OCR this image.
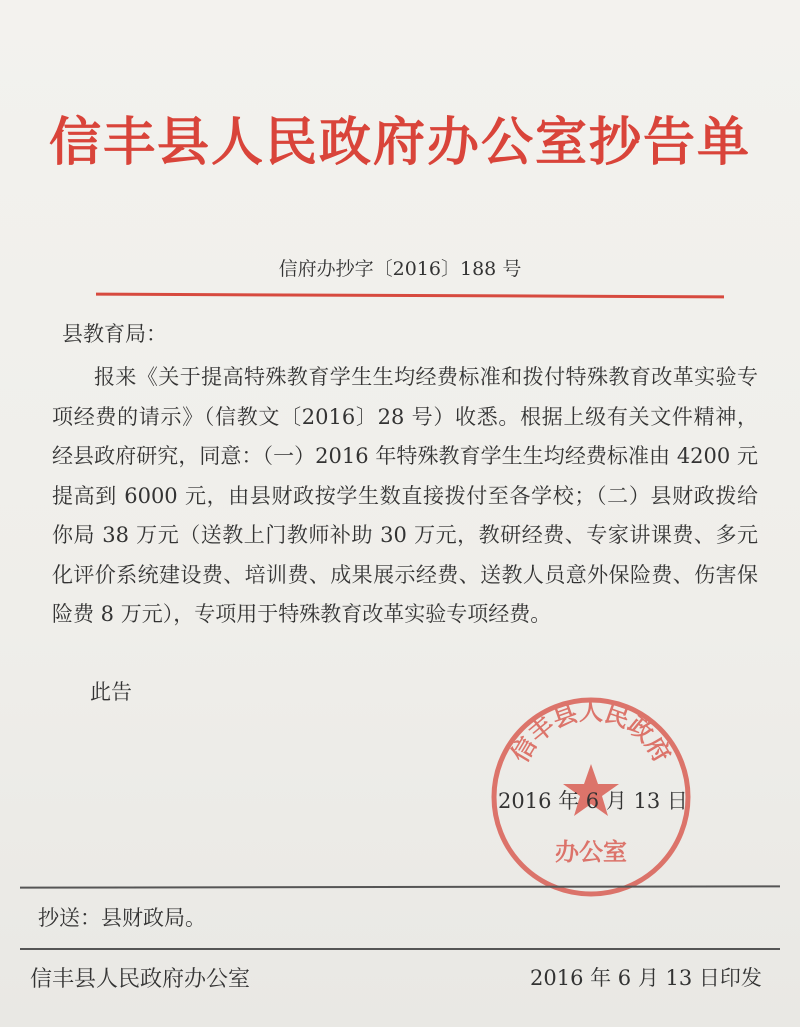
信丰县人民政府办公室抄告单
信府办抄字〔2016〕188 号
县教育局：
报来《关于提高特殊教育学生生均经费标准和拨付特殊教育改革实验专项经费的请示》（信教文〔2016〕28 号）收悉。根据上级有关文件精神，经县政府研究，同意：（一）2016 年特殊教育学生生均经费标准由 4200 元提高到 6000 元，由县财政按学生数直接拨付至各学校；（二）县财政拨给你局 38 万元（送教上门教师补助 30 万元，教研经费、专家讲课费、多元化评价系统建设费、培训费、成果展示经费、送教人员意外保险费、伤害保险费 8 万元），专项用于特殊教育改革实验专项经费。
此告
信丰县人民政府
办公室
2016 年 6 月 13 日
抄送：县财政局。
信丰县人民政府办公室	2016 年 6 月 13 日印发
